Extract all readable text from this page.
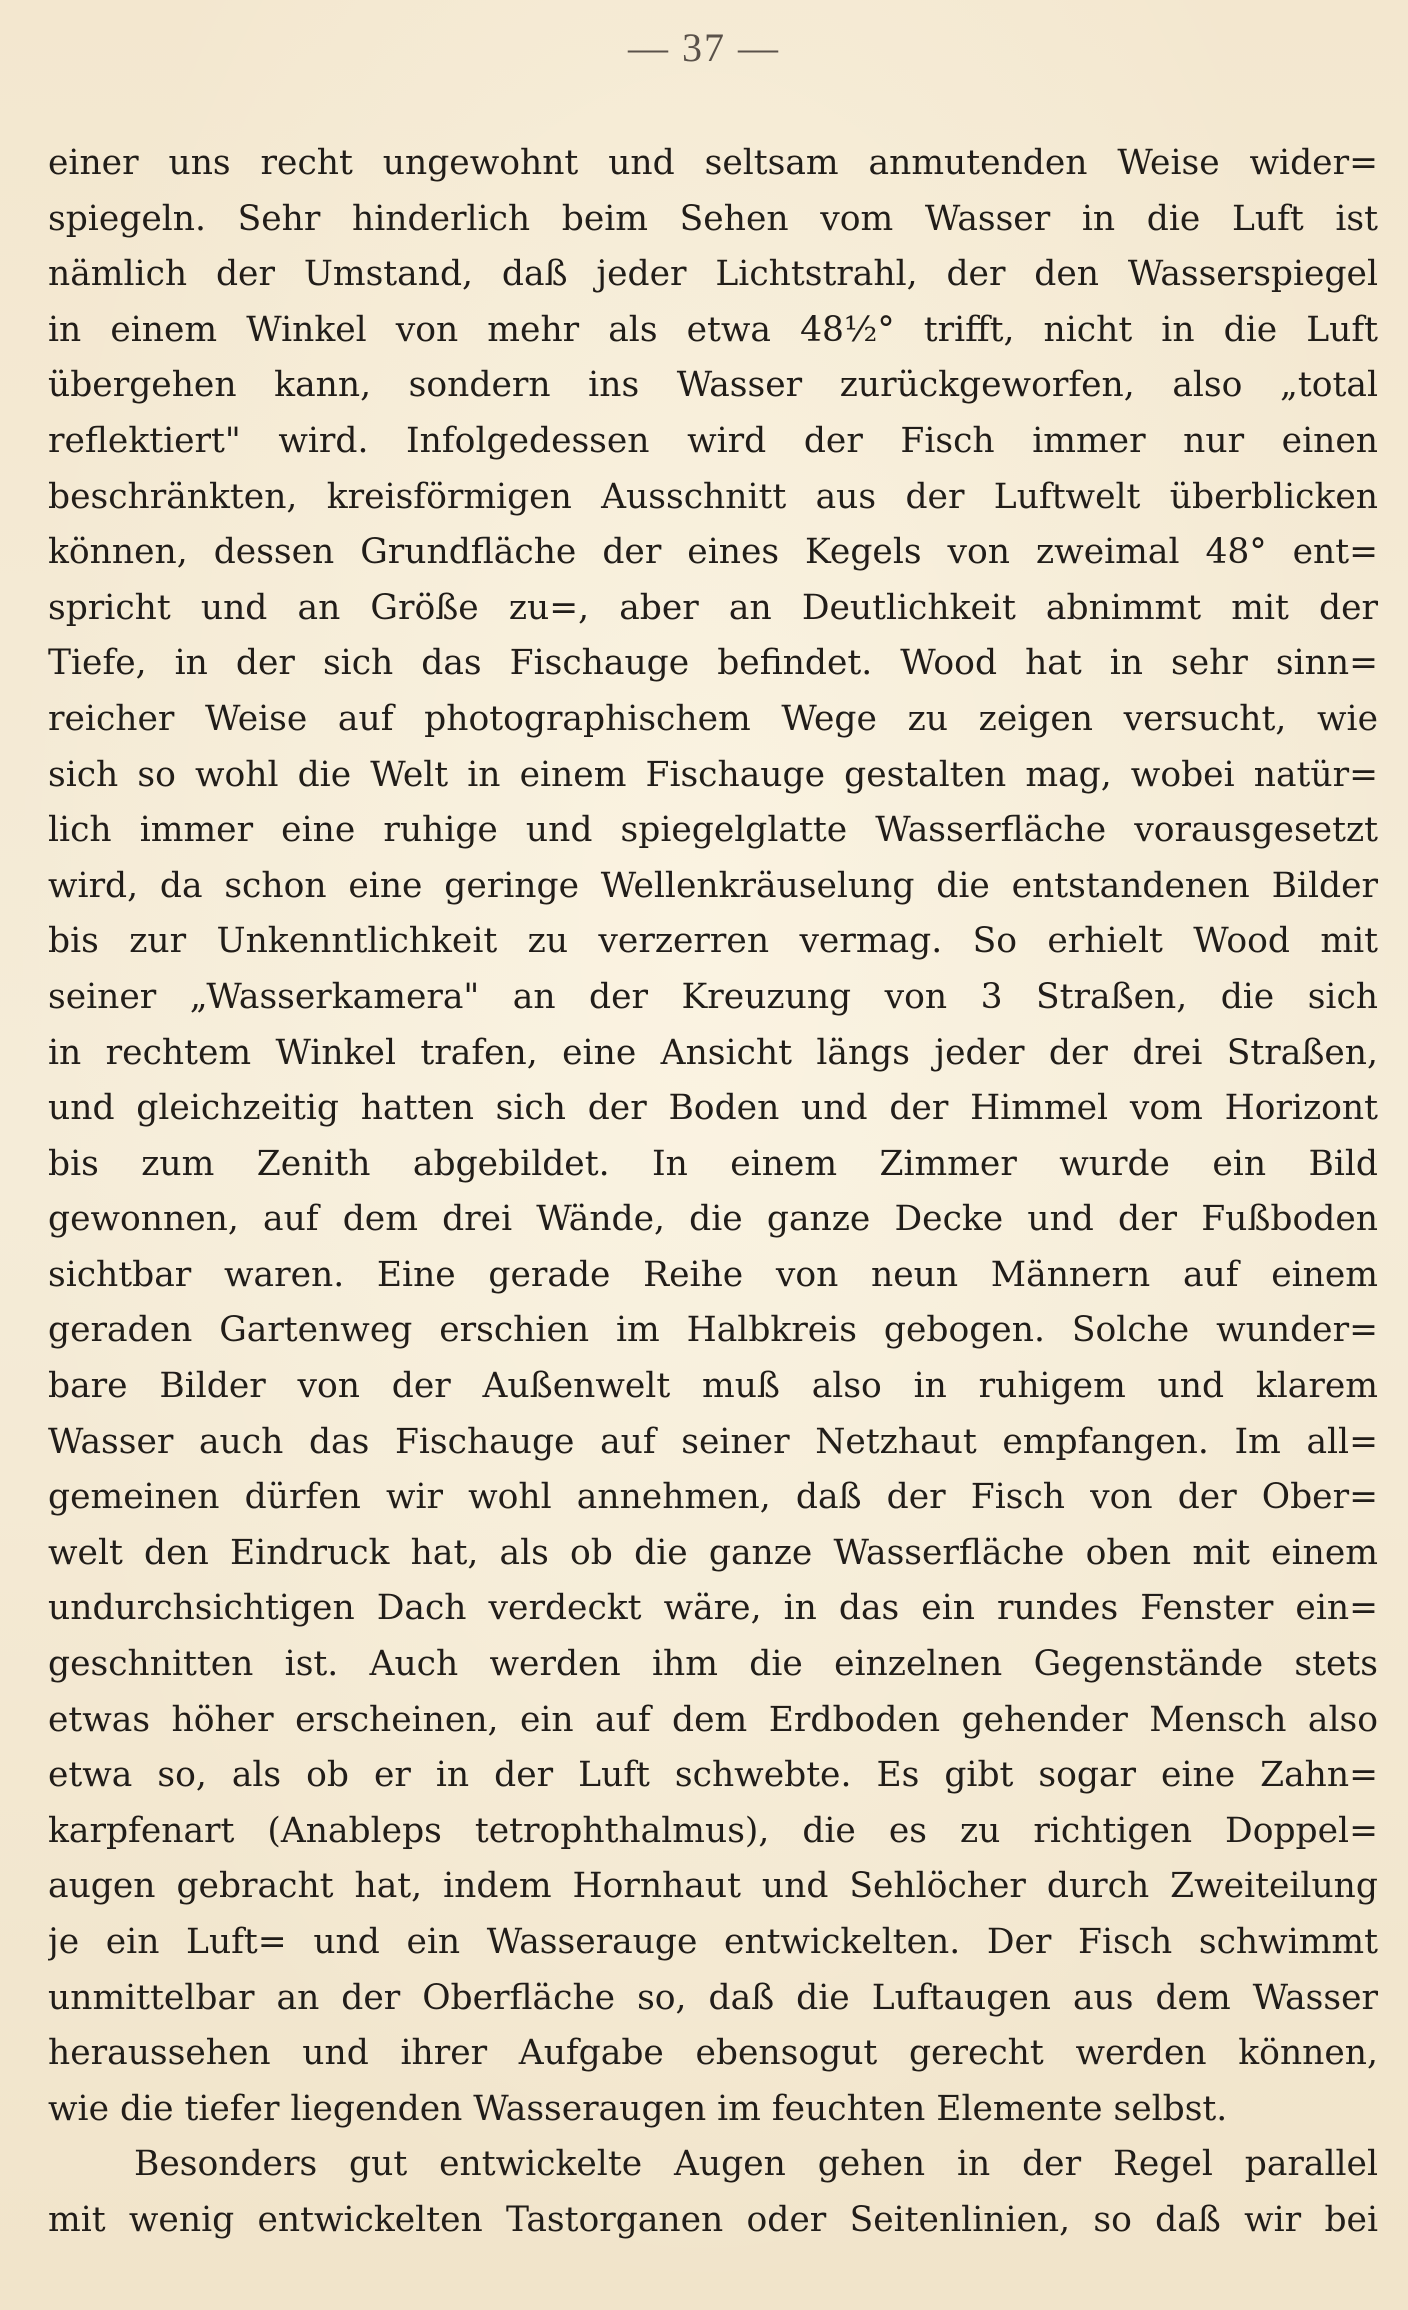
— 37 —
einer uns recht ungewohnt und seltsam anmutenden Weise wider=
spiegeln. Sehr hinderlich beim Sehen vom Wasser in die Luft ist
nämlich der Umstand, daß jeder Lichtstrahl, der den Wasserspiegel
in einem Winkel von mehr als etwa 48½° trifft, nicht in die Luft
übergehen kann, sondern ins Wasser zurückgeworfen, also „total
reflektiert" wird. Infolgedessen wird der Fisch immer nur einen
beschränkten, kreisförmigen Ausschnitt aus der Luftwelt überblicken
können, dessen Grundfläche der eines Kegels von zweimal 48° ent=
spricht und an Größe zu=, aber an Deutlichkeit abnimmt mit der
Tiefe, in der sich das Fischauge befindet. Wood hat in sehr sinn=
reicher Weise auf photographischem Wege zu zeigen versucht, wie
sich so wohl die Welt in einem Fischauge gestalten mag, wobei natür=
lich immer eine ruhige und spiegelglatte Wasserfläche vorausgesetzt
wird, da schon eine geringe Wellenkräuselung die entstandenen Bilder
bis zur Unkenntlichkeit zu verzerren vermag. So erhielt Wood mit
seiner „Wasserkamera" an der Kreuzung von 3 Straßen, die sich
in rechtem Winkel trafen, eine Ansicht längs jeder der drei Straßen,
und gleichzeitig hatten sich der Boden und der Himmel vom Horizont
bis zum Zenith abgebildet. In einem Zimmer wurde ein Bild
gewonnen, auf dem drei Wände, die ganze Decke und der Fußboden
sichtbar waren. Eine gerade Reihe von neun Männern auf einem
geraden Gartenweg erschien im Halbkreis gebogen. Solche wunder=
bare Bilder von der Außenwelt muß also in ruhigem und klarem
Wasser auch das Fischauge auf seiner Netzhaut empfangen. Im all=
gemeinen dürfen wir wohl annehmen, daß der Fisch von der Ober=
welt den Eindruck hat, als ob die ganze Wasserfläche oben mit einem
undurchsichtigen Dach verdeckt wäre, in das ein rundes Fenster ein=
geschnitten ist. Auch werden ihm die einzelnen Gegenstände stets
etwas höher erscheinen, ein auf dem Erdboden gehender Mensch also
etwa so, als ob er in der Luft schwebte. Es gibt sogar eine Zahn=
karpfenart (Anableps tetrophthalmus), die es zu richtigen Doppel=
augen gebracht hat, indem Hornhaut und Sehlöcher durch Zweiteilung
je ein Luft= und ein Wasserauge entwickelten. Der Fisch schwimmt
unmittelbar an der Oberfläche so, daß die Luftaugen aus dem Wasser
heraussehen und ihrer Aufgabe ebensogut gerecht werden können,
wie die tiefer liegenden Wasseraugen im feuchten Elemente selbst.
Besonders gut entwickelte Augen gehen in der Regel parallel
mit wenig entwickelten Tastorganen oder Seitenlinien, so daß wir bei
